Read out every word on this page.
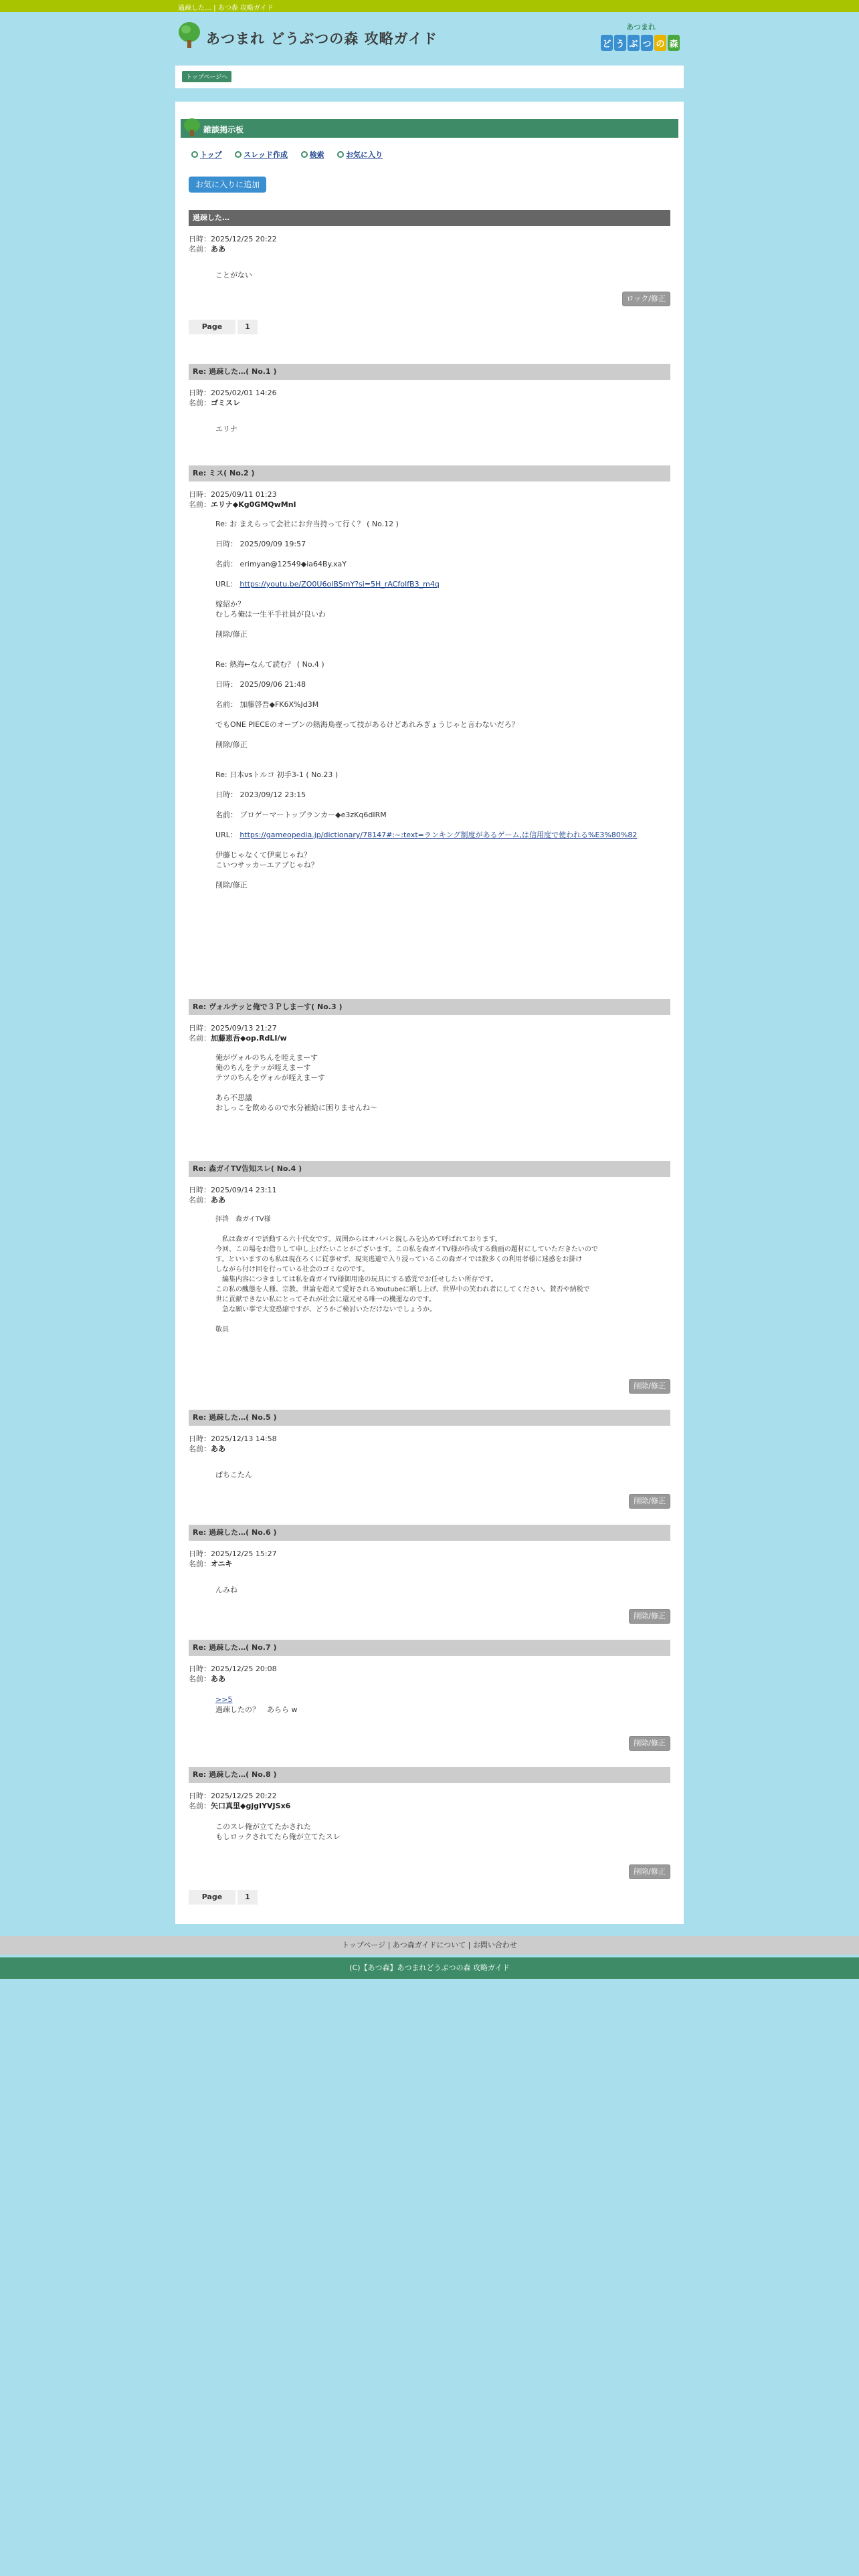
過疎した… | あつ森 攻略ガイド
あつまれ どうぶつの森 攻略ガイド
あつまれ
ど う ぶ つ の 森
トップページへ
雑談掲示板
トップ
	スレッド作成
	検索
	お気に入り
お気に入りに追加
過疎した…
日時：2025/12/25 20:22
名前：ああ
ことがない
ロック/修正
Page	1
Re: 過疎した…( No.1 )
日時：2025/02/01 14:26
名前：ゴミスレ
エリナ
Re: ミス( No.2 )
日時：2025/09/11 01:23
名前：エリナ◆Kg0GMQwMnI
Re: お まえらって会社にお弁当持って行く？ ( No.12 )
日時： 2025/09/09 19:57
名前： erimyan@12549◆ia64By.xaY
URL： https://youtu.be/ZO0U6oIBSmY?si=5H_rACfoIfB3_m4q
嫁紹か？
むしろ俺は一生平手社員が良いわ
削除/修正
Re: 熱海←なんて読む？ ( No.4 )
日時： 2025/09/06 21:48
名前： 加藤啓吾◆FK6X%Jd3M
でもONE PIECEのオープンの熱海鳥壺って技があるけどあれみぎょうじゃと言わないだろ？
削除/修正
Re: 日本vsトルコ 初手3-1 ( No.23 )
日時： 2023/09/12 23:15
名前： プロゲーマートップランカー◆e3zKq6dIRM
URL： https://gameopedia.jp/dictionary/78147#:~:text=ランキング制度があるゲーム,は信用度で使われる%E3%80%82
伊藤じゃなくて伊東じゃね？
こいつサッカーエアプじゃね？
削除/修正
Re: ヴォルテッと俺で３Ｐしまーす( No.3 )
日時：2025/09/13 21:27
名前：加藤恵吾◆op.RdLI/w
俺がヴォルのちんを咥えまーす
俺のちんをテッが咥えまーす
テツのちんをヴォルが咥えまーす
あら不思議
おしっこを飲めるので水分補給に困りませんね～
Re: 森ガイTV告知スレ( No.4 )
日時：2025/09/14 23:11
名前：ああ
拝啓　森ガイTV様
　私は森ガイで活動する六十代女です。周囲からはオババと親しみを込めて呼ばれております。
今回、この場をお借りして申し上げたいことがございます。この私を森ガイTV様が作成する動画の題材にしていただきたいので
す。といいますのも私は現在ろくに従事せず、現実逃避で入り浸っているこの森ガイでは数多くの利用者様に迷惑をお掛け
しながら付け回を行っている社会のゴミなのです。
　編集内容につきましては私を森ガイTV様御用達の玩具にする感覚でお任せしたい所存です。
この私の醜態を人種、宗教、世論を超えて愛好されるYoutubeに晒し上げ、世界中の笑われ者にしてください。賛否や納税で
世に貢献できない私にとってそれが社会に還元せる唯一の機運なのです。
　急な願い事で大変恐縮ですが、どうかご検討いただけないでしょうか。
敬具
削除/修正
Re: 過疎した…( No.5 )
日時：2025/12/13 14:58
名前：ああ
ぱちこたん
削除/修正
Re: 過疎した…( No.6 )
日時：2025/12/25 15:27
名前：オニキ
んみね
削除/修正
Re: 過疎した…( No.7 )
日時：2025/12/25 20:08
名前：ああ
>>5
過疎したの？　あらら w
削除/修正
Re: 過疎した…( No.8 )
日時：2025/12/25 20:22
名前：矢口真里◆gjgIYVJSx6
このスレ俺が立てたかされた
もしロックされてたら俺が立てたスレ
削除/修正
Page	1
トップページ | あつ森ガイドについて | お問い合わせ
(C)【あつ森】あつまれどうぶつの森 攻略ガイド
